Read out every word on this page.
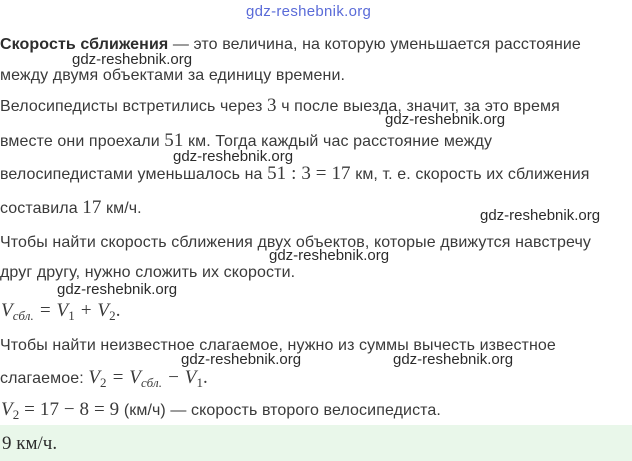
gdz-reshebnik.org
Скорость сближения — это величина, на которую уменьшается расстояние
между двумя объектами за единицу времени.
Велосипедисты встретились через 3 ч после выезда, значит, за это время
вместе они проехали 51 км. Тогда каждый час расстояние между
велосипедистами уменьшалось на 51 : 3 = 17 км, т. е. скорость их сближения
составила 17 км/ч.
Чтобы найти скорость сближения двух объектов, которые движутся навстречу
друг другу, нужно сложить их скорости.
$V_{сбл.} = V_1 + V_2$.
Чтобы найти неизвестное слагаемое, нужно из суммы вычесть известное
слагаемое: $V_2 = V_{сбл.} - V_1$.
$V_2 = 17 - 8 = 9$ (км/ч) — скорость второго велосипедиста.
9 км/ч.
gdz-reshebnik.org
gdz-reshebnik.org
gdz-reshebnik.org
gdz-reshebnik.org
gdz-reshebnik.org
gdz-reshebnik.org
gdz-reshebnik.org	gdz-reshebnik.org
